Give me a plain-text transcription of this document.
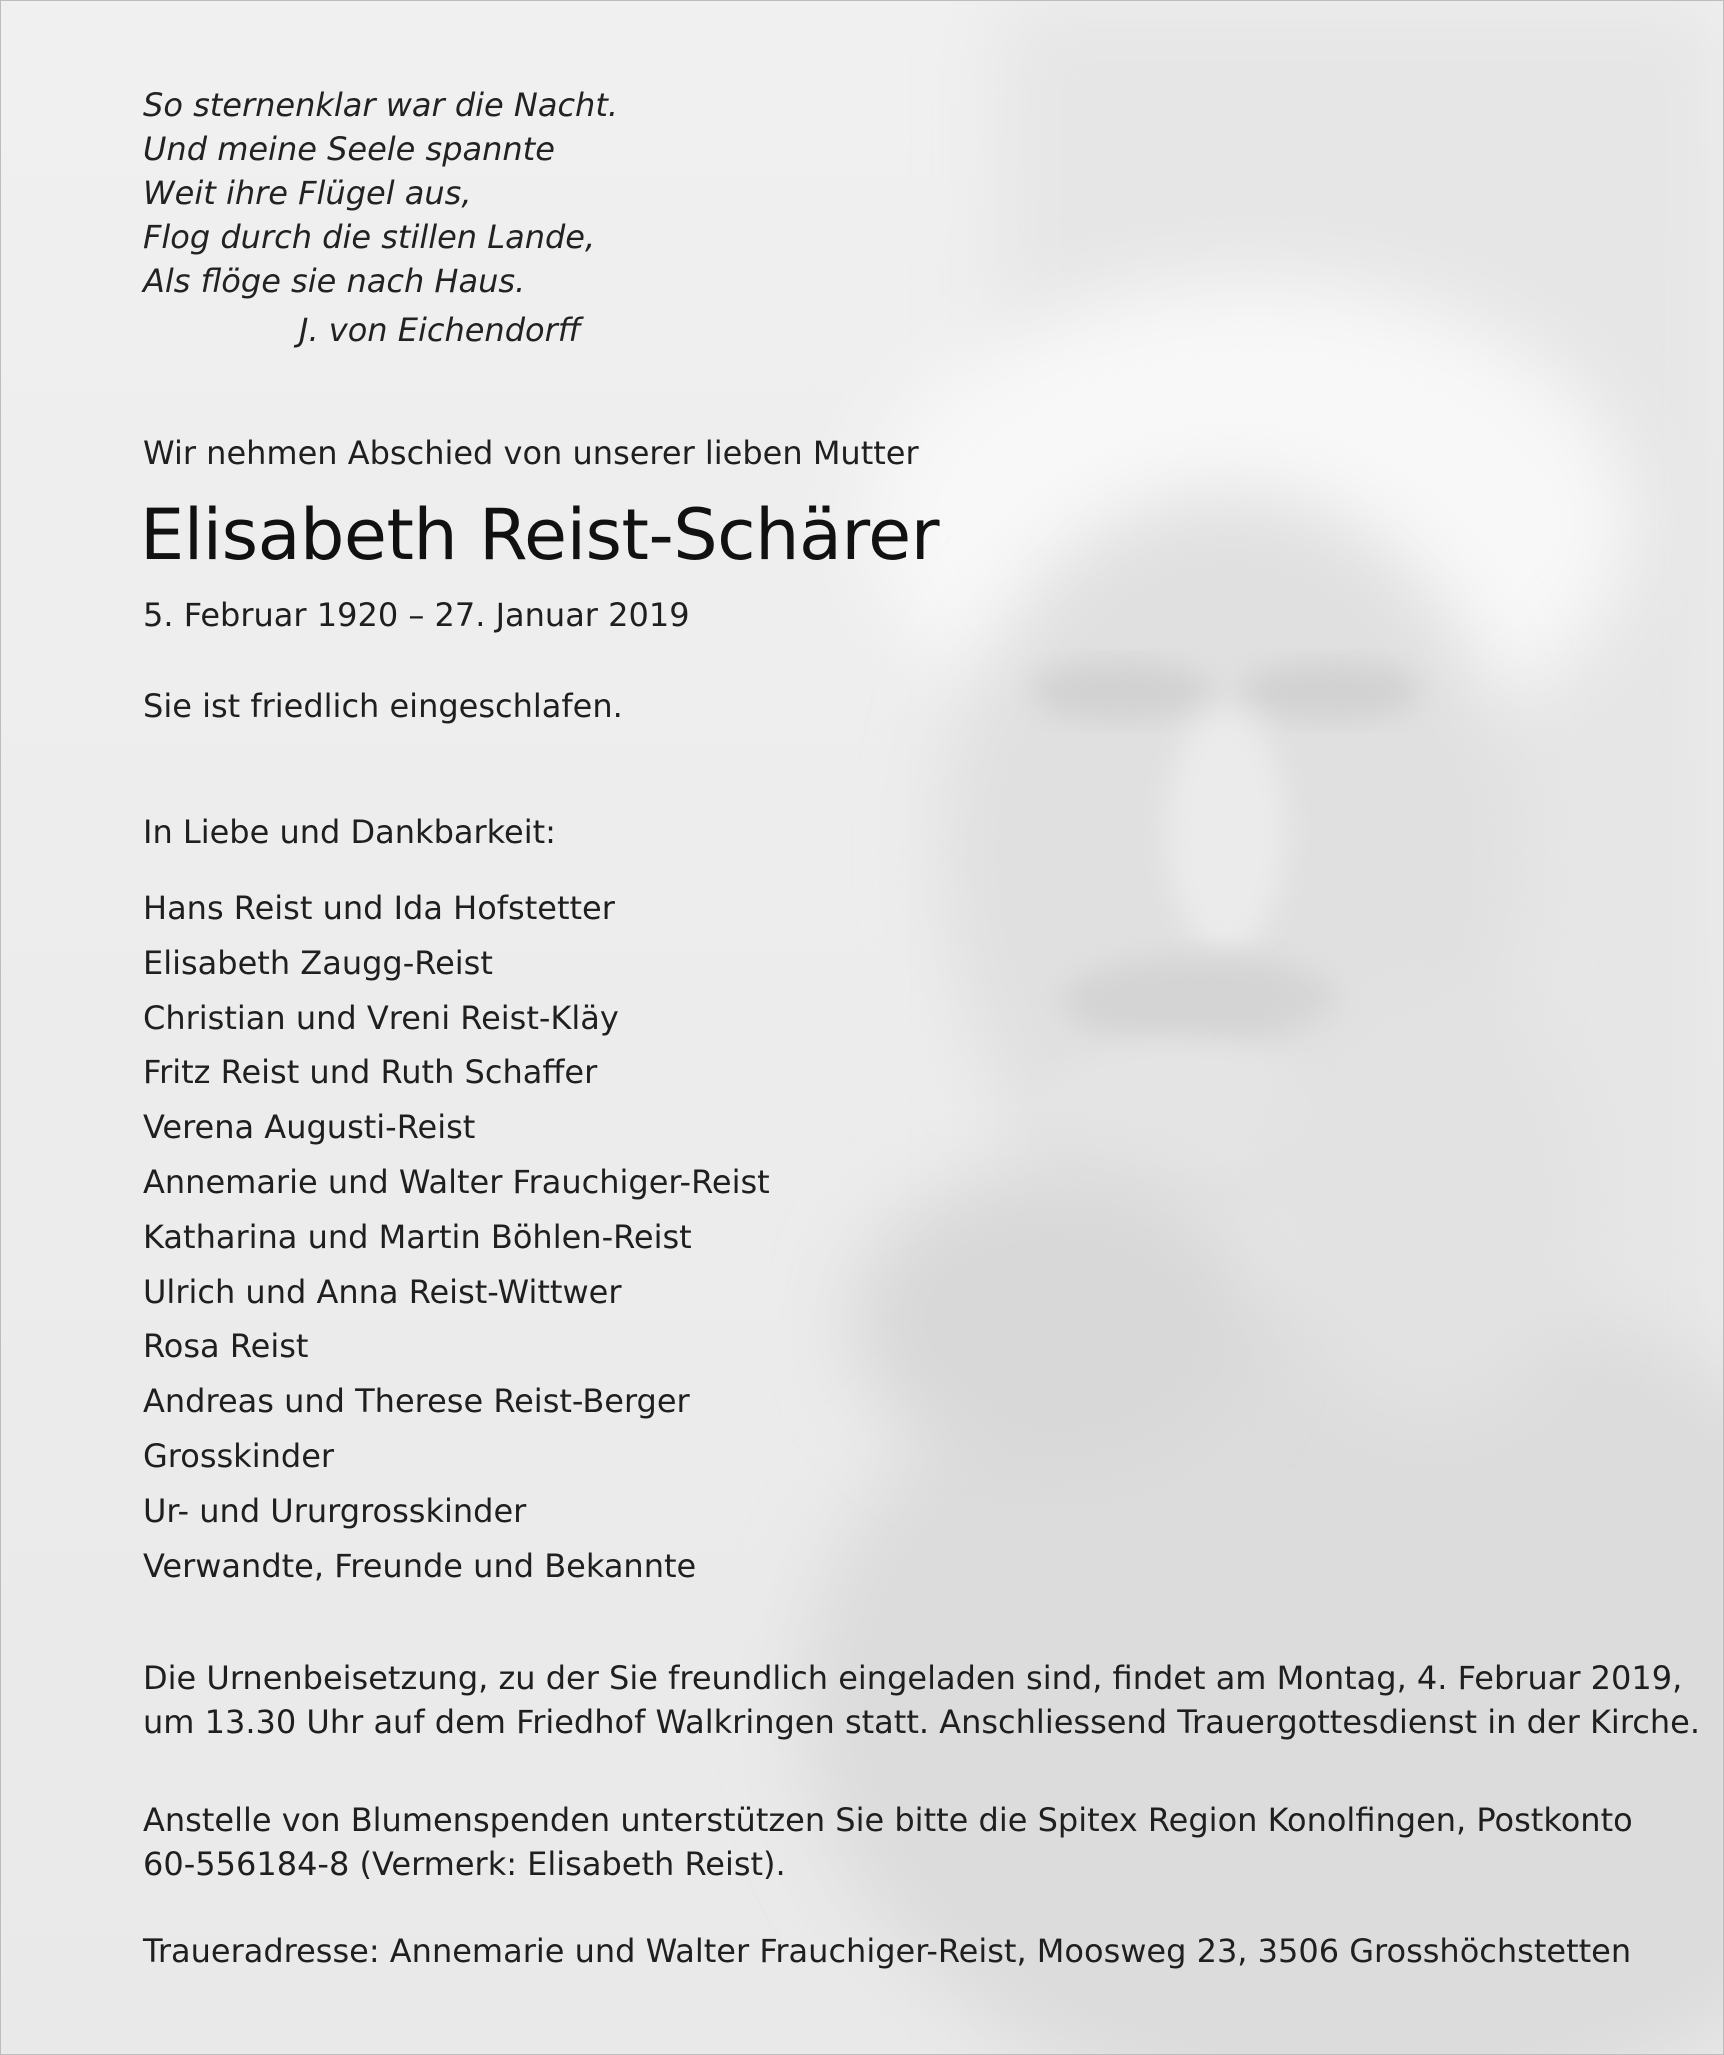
So sternenklar war die Nacht.
Und meine Seele spannte
Weit ihre Flügel aus,
Flog durch die stillen Lande,
Als flöge sie nach Haus.
J. von Eichendorff
Wir nehmen Abschied von unserer lieben Mutter
Elisabeth Reist-Schärer
5. Februar 1920 – 27. Januar 2019
Sie ist friedlich eingeschlafen.
In Liebe und Dankbarkeit:
Hans Reist und Ida Hofstetter
Elisabeth Zaugg-Reist
Christian und Vreni Reist-Kläy
Fritz Reist und Ruth Schaffer
Verena Augusti-Reist
Annemarie und Walter Frauchiger-Reist
Katharina und Martin Böhlen-Reist
Ulrich und Anna Reist-Wittwer
Rosa Reist
Andreas und Therese Reist-Berger
Grosskinder
Ur- und Ururgrosskinder
Verwandte, Freunde und Bekannte
Die Urnenbeisetzung, zu der Sie freundlich eingeladen sind, findet am Montag, 4. Februar 2019,
um 13.30 Uhr auf dem Friedhof Walkringen statt. Anschliessend Trauergottesdienst in der Kirche.
Anstelle von Blumenspenden unterstützen Sie bitte die Spitex Region Konolfingen, Postkonto
60-556184-8 (Vermerk: Elisabeth Reist).
Traueradresse: Annemarie und Walter Frauchiger-Reist, Moosweg 23, 3506 Grosshöchstetten
